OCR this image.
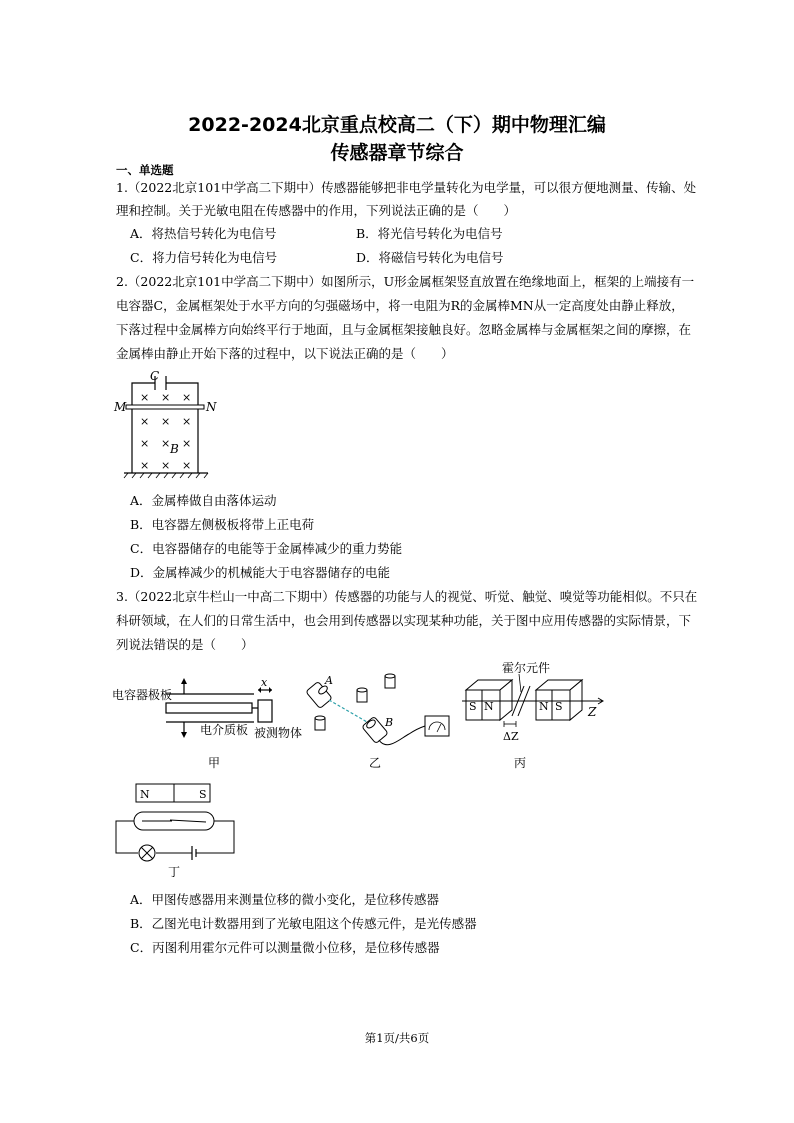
2022-2024北京重点校高二（下）期中物理汇编
传感器章节综合
一、单选题
1.（2022北京101中学高二下期中）传感器能够把非电学量转化为电学量，可以很方便地测量、传输、处
理和控制。关于光敏电阻在传感器中的作用，下列说法正确的是（　　）
A．将热信号转化为电信号	B．将光信号转化为电信号
C．将力信号转化为电信号	D．将磁信号转化为电信号
2.（2022北京101中学高二下期中）如图所示，U形金属框架竖直放置在绝缘地面上，框架的上端接有一
电容器C，金属框架处于水平方向的匀强磁场中，将一电阻为R的金属棒MN从一定高度处由静止释放，
下落过程中金属棒方向始终平行于地面，且与金属框架接触良好。忽略金属棒与金属框架之间的摩擦，在
金属棒由静止开始下落的过程中，以下说法正确的是（　　）
C
M	N
B
× × ×
× × ×
× × ×
× × ×
A．金属棒做自由落体运动
B．电容器左侧极板将带上正电荷
C．电容器储存的电能等于金属棒减少的重力势能
D．金属棒减少的机械能大于电容器储存的电能
3.（2022北京牛栏山一中高二下期中）传感器的功能与人的视觉、听觉、触觉、嗅觉等功能相似。不只在
科研领域，在人们的日常生活中，也会用到传感器以实现某种功能，关于图中应用传感器的实际情景，下
列说法错误的是（　　）
电容器极板
电介质板 被测物体
x
甲
A
B
乙
霍尔元件
S N	N S Z
ΔZ
丙
N	S
丁
A．甲图传感器用来测量位移的微小变化，是位移传感器
B．乙图光电计数器用到了光敏电阻这个传感元件，是光传感器
C．丙图利用霍尔元件可以测量微小位移，是位移传感器
第1页/共6页
